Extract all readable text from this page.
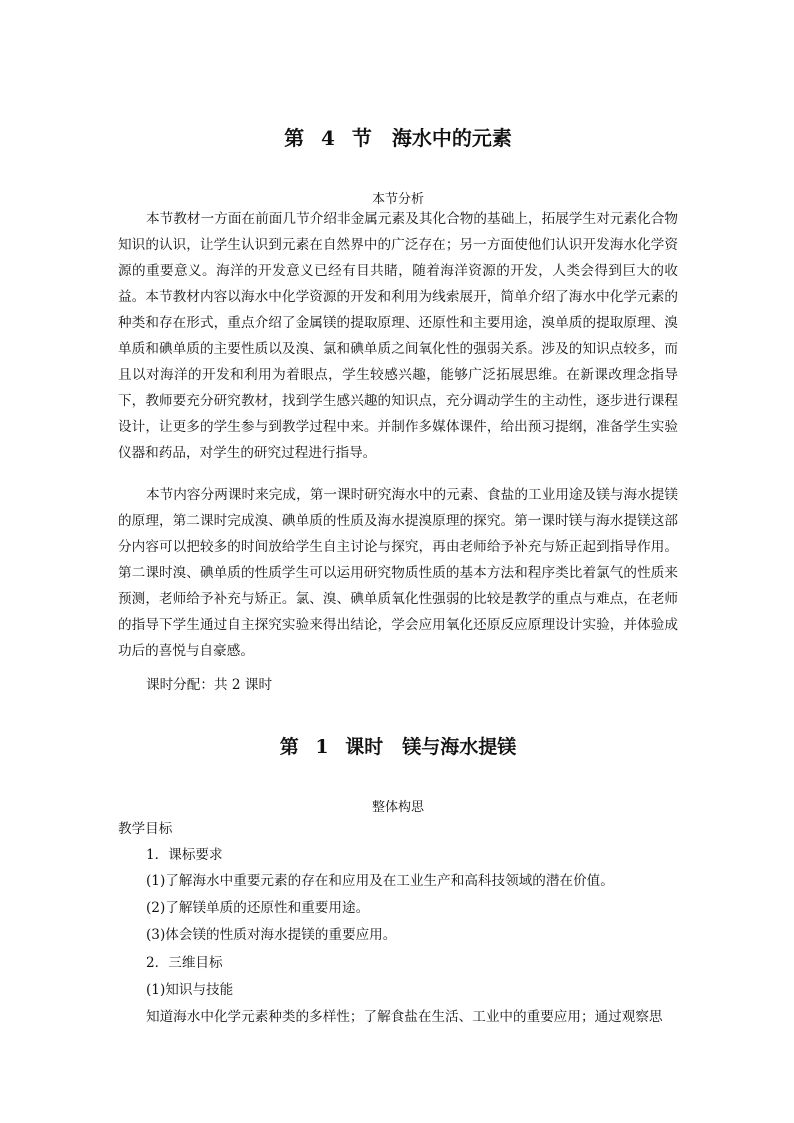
第 4 节　海水中的元素
本节分析

本节教材一方面在前面几节介绍非金属元素及其化合物的基础上，拓展学生对元素化合物知识的认识，让学生认识到元素在自然界中的广泛存在；另一方面使他们认识开发海水化学资源的重要意义。海洋的开发意义已经有目共睹，随着海洋资源的开发，人类会得到巨大的收益。本节教材内容以海水中化学资源的开发和利用为线索展开，简单介绍了海水中化学元素的种类和存在形式，重点介绍了金属镁的提取原理、还原性和主要用途，溴单质的提取原理、溴单质和碘单质的主要性质以及溴、氯和碘单质之间氧化性的强弱关系。涉及的知识点较多，而且以对海洋的开发和利用为着眼点，学生较感兴趣，能够广泛拓展思维。在新课改理念指导下，教师要充分研究教材，找到学生感兴趣的知识点，充分调动学生的主动性，逐步进行课程设计，让更多的学生参与到教学过程中来。并制作多媒体课件，给出预习提纲，准备学生实验仪器和药品，对学生的研究过程进行指导。

本节内容分两课时来完成，第一课时研究海水中的元素、食盐的工业用途及镁与海水提镁的原理，第二课时完成溴、碘单质的性质及海水提溴原理的探究。第一课时镁与海水提镁这部分内容可以把较多的时间放给学生自主讨论与探究，再由老师给予补充与矫正起到指导作用。第二课时溴、碘单质的性质学生可以运用研究物质性质的基本方法和程序类比着氯气的性质来预测，老师给予补充与矫正。氯、溴、碘单质氧化性强弱的比较是教学的重点与难点，在老师的指导下学生通过自主探究实验来得出结论，学会应用氧化还原反应原理设计实验，并体验成功后的喜悦与自豪感。

课时分配：共 2 课时
第 1 课时　镁与海水提镁
整体构思
教学目标
1．课标要求
(1)了解海水中重要元素的存在和应用及在工业生产和高科技领域的潜在价值。
(2)了解镁单质的还原性和重要用途。
(3)体会镁的性质对海水提镁的重要应用。
2．三维目标
(1)知识与技能
知道海水中化学元素种类的多样性；了解食盐在生活、工业中的重要应用；通过观察思
